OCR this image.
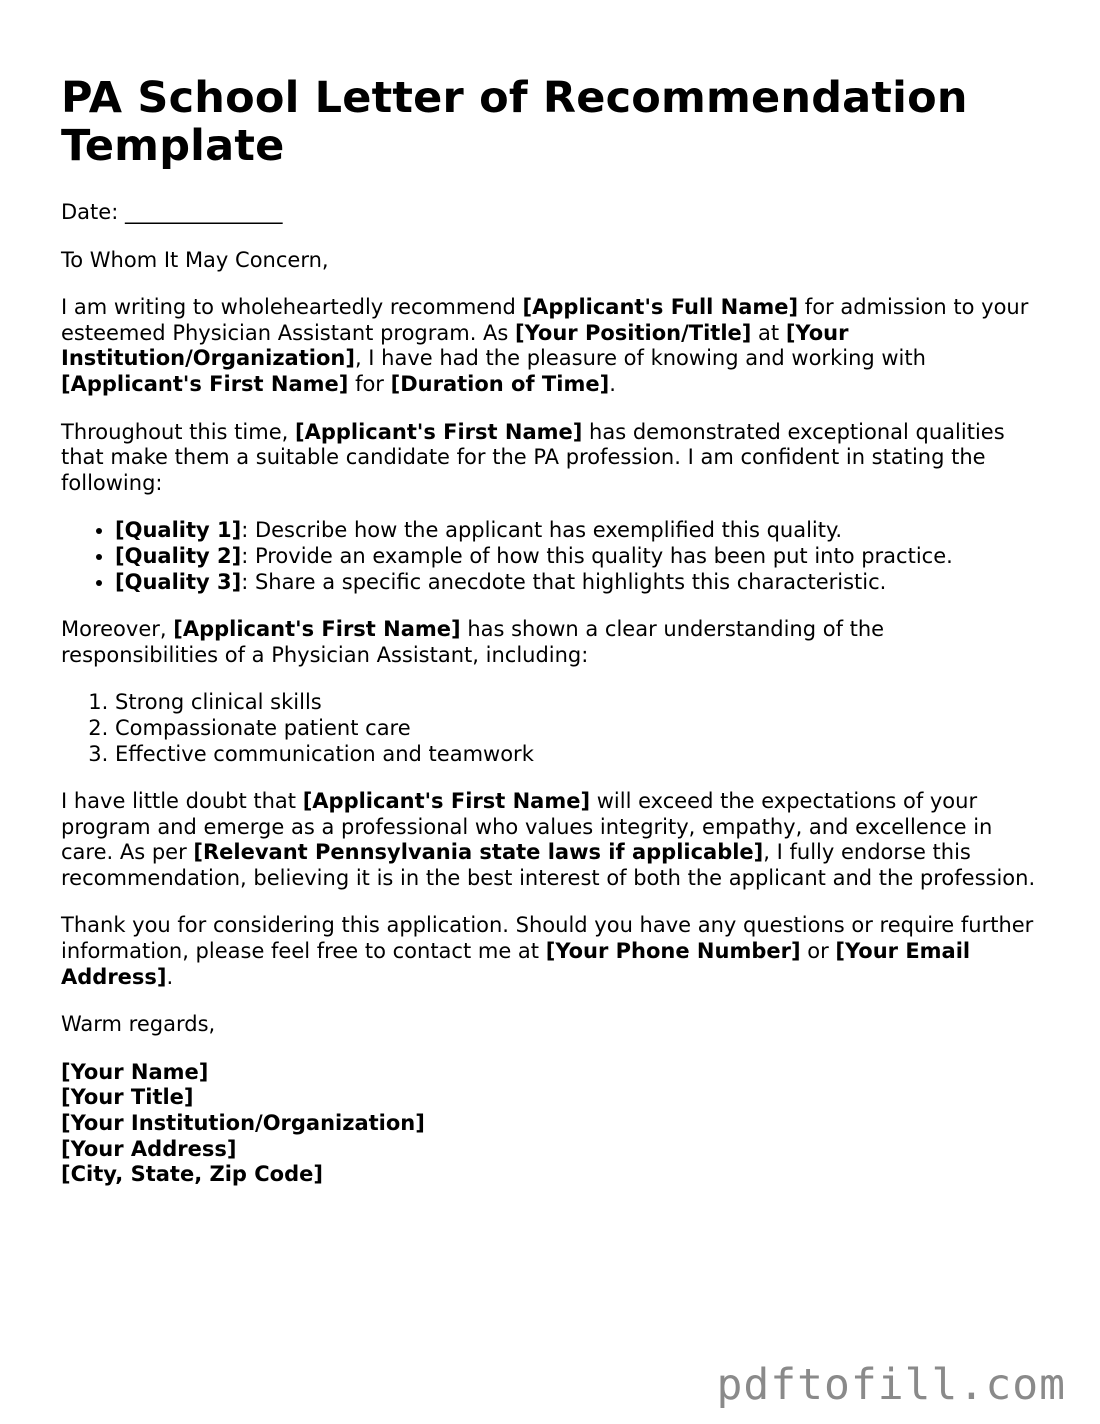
PA School Letter of Recommendation Template

Date: _______________

To Whom It May Concern,

I am writing to wholeheartedly recommend [Applicant's Full Name] for admission to your esteemed Physician Assistant program. As [Your Position/Title] at [Your Institution/Organization], I have had the pleasure of knowing and working with [Applicant's First Name] for [Duration of Time].

Throughout this time, [Applicant's First Name] has demonstrated exceptional qualities that make them a suitable candidate for the PA profession. I am confident in stating the following:

• [Quality 1]: Describe how the applicant has exemplified this quality.
• [Quality 2]: Provide an example of how this quality has been put into practice.
• [Quality 3]: Share a specific anecdote that highlights this characteristic.

Moreover, [Applicant's First Name] has shown a clear understanding of the responsibilities of a Physician Assistant, including:

1. Strong clinical skills
2. Compassionate patient care
3. Effective communication and teamwork

I have little doubt that [Applicant's First Name] will exceed the expectations of your program and emerge as a professional who values integrity, empathy, and excellence in care. As per [Relevant Pennsylvania state laws if applicable], I fully endorse this recommendation, believing it is in the best interest of both the applicant and the profession.

Thank you for considering this application. Should you have any questions or require further information, please feel free to contact me at [Your Phone Number] or [Your Email Address].

Warm regards,

[Your Name]
[Your Title]
[Your Institution/Organization]
[Your Address]
[City, State, Zip Code]

pdftofill.com
